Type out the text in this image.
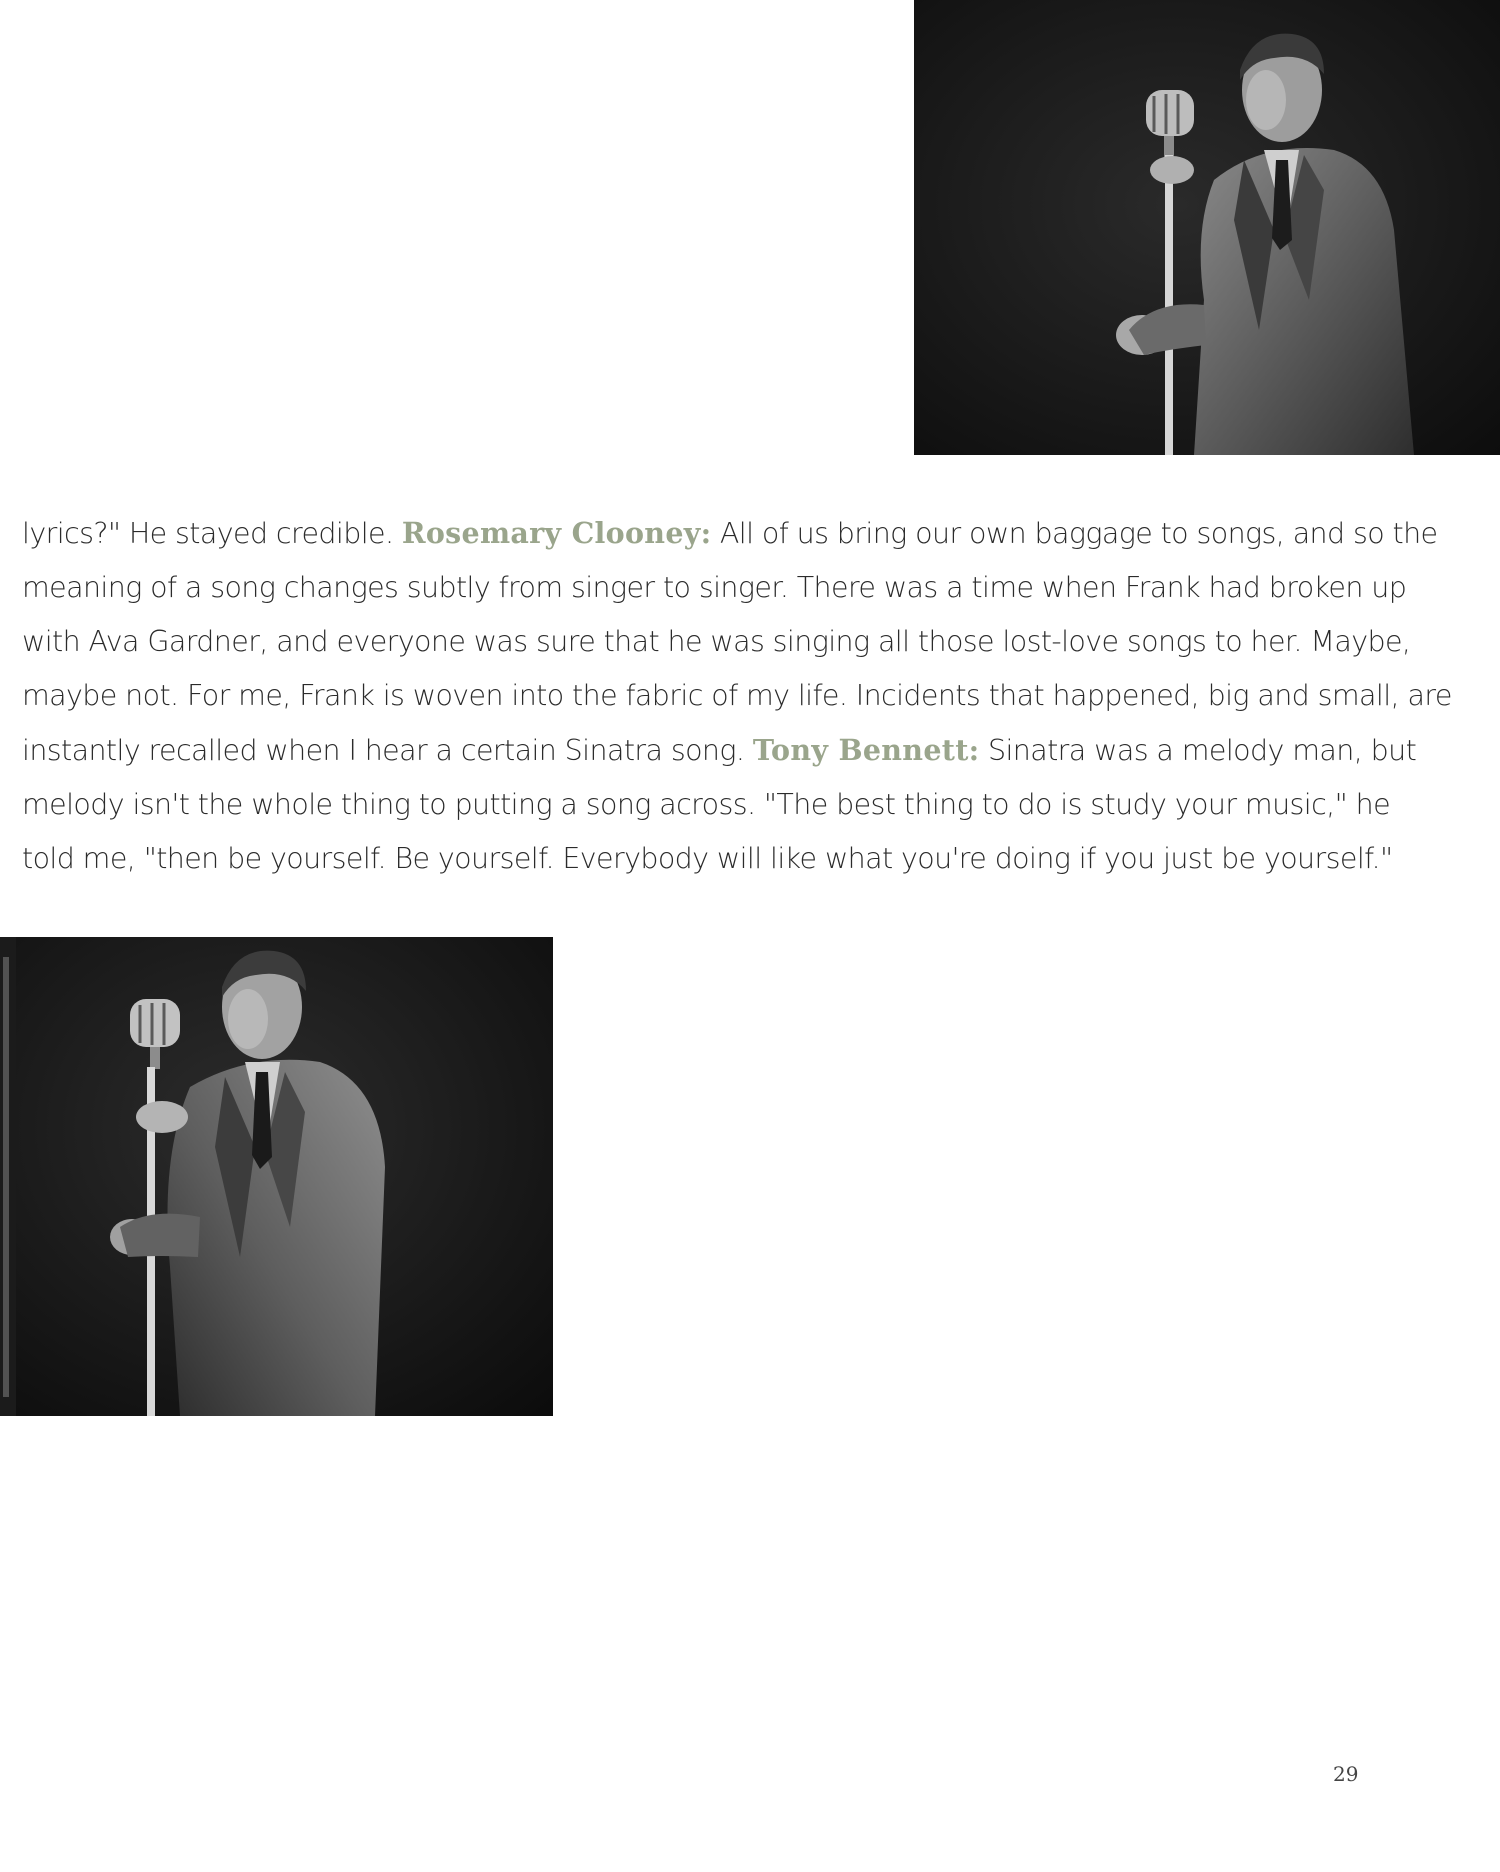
lyrics?" He stayed credible. Rosemary Clooney: All of us bring our own baggage to songs, and so the
meaning of a song changes subtly from singer to singer. There was a time when Frank had broken up
with Ava Gardner, and everyone was sure that he was singing all those lost-love songs to her. Maybe,
maybe not. For me, Frank is woven into the fabric of my life. Incidents that happened, big and small, are
instantly recalled when I hear a certain Sinatra song. Tony Bennett: Sinatra was a melody man, but
melody isn't the whole thing to putting a song across. "The best thing to do is study your music," he
told me, "then be yourself. Be yourself. Everybody will like what you're doing if you just be yourself."
29
